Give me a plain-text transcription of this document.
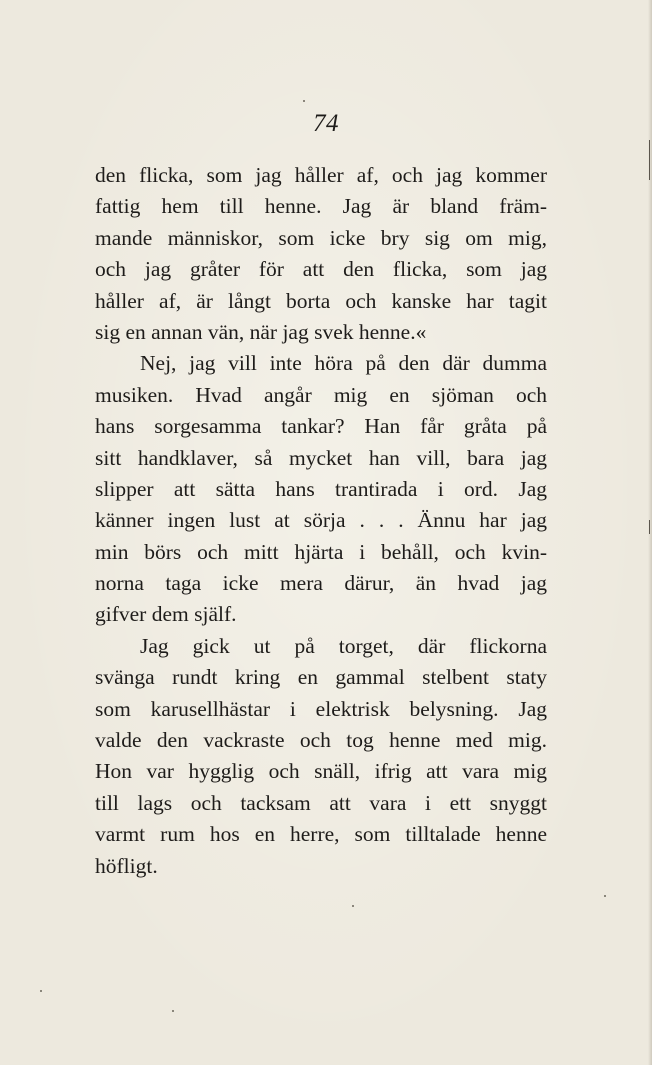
74
den flicka, som jag håller af, och jag kommer
fattig hem till henne. Jag är bland främ-
mande människor, som icke bry sig om mig,
och jag gråter för att den flicka, som jag
håller af, är långt borta och kanske har tagit
sig en annan vän, när jag svek henne.«
Nej, jag vill inte höra på den där dumma
musiken. Hvad angår mig en sjöman och
hans sorgesamma tankar? Han får gråta på
sitt handklaver, så mycket han vill, bara jag
slipper att sätta hans trantirada i ord. Jag
känner ingen lust at sörja . . . Ännu har jag
min börs och mitt hjärta i behåll, och kvin-
norna taga icke mera därur, än hvad jag
gifver dem själf.
Jag gick ut på torget, där flickorna
svänga rundt kring en gammal stelbent staty
som karusellhästar i elektrisk belysning. Jag
valde den vackraste och tog henne med mig.
Hon var hygglig och snäll, ifrig att vara mig
till lags och tacksam att vara i ett snyggt
varmt rum hos en herre, som tilltalade henne
höfligt.
